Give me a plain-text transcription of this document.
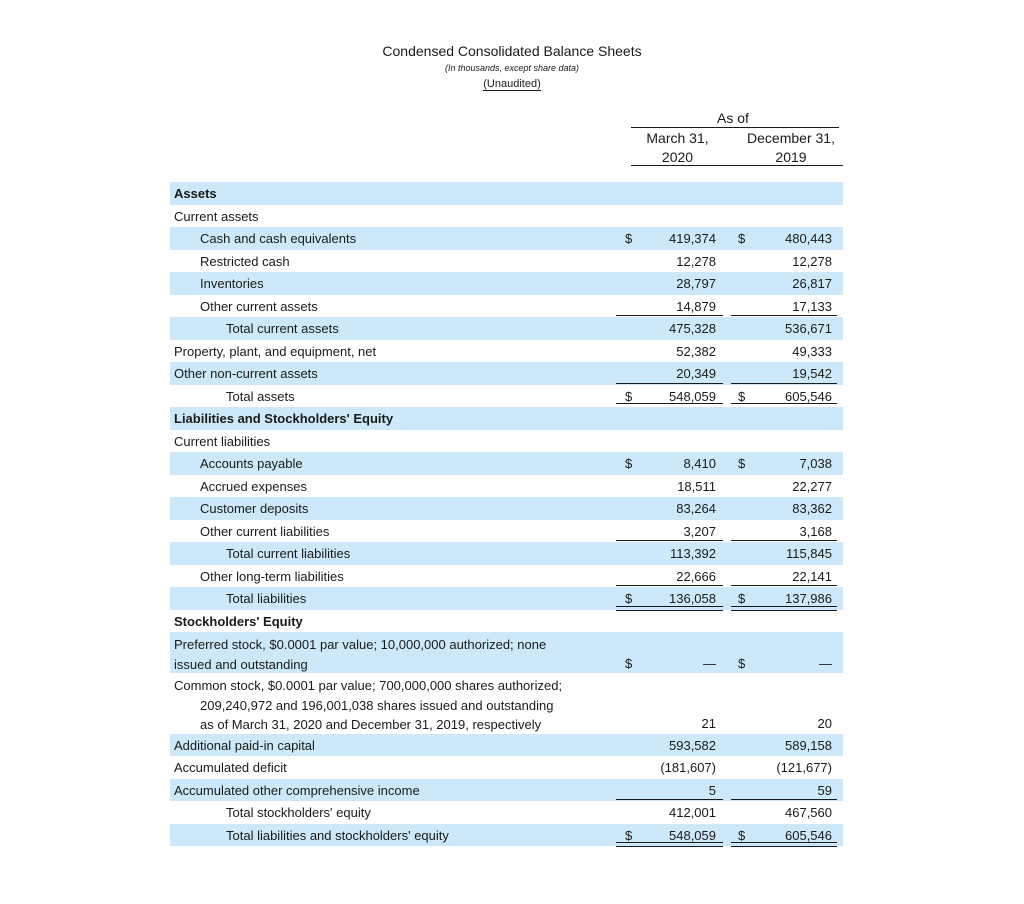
Condensed Consolidated Balance Sheets
(In thousands, except share data)
(Unaudited)
As of
March 31,
2020
December 31,
2019
Assets
Current assets
Cash and cash equivalents	$	419,374 $	480,443
Restricted cash	12,278	12,278
Inventories	28,797	26,817
Other current assets	14,879	17,133
Total current assets	475,328	536,671
Property, plant, and equipment, net	52,382	49,333
Other non-current assets	20,349	19,542
Total assets	$	548,059 $	605,546
Liabilities and Stockholders' Equity
Current liabilities
Accounts payable	$	8,410 $	7,038
Accrued expenses	18,511	22,277
Customer deposits	83,264	83,362
Other current liabilities	3,207	3,168
Total current liabilities	113,392	115,845
Other long-term liabilities	22,666	22,141
Total liabilities	$	136,058 $	137,986
Stockholders' Equity
Preferred stock, $0.0001 par value; 10,000,000 authorized; none
issued and outstanding	$	— $	—
Common stock, $0.0001 par value; 700,000,000 shares authorized;
209,240,972 and 196,001,038 shares issued and outstanding
as of March 31, 2020 and December 31, 2019, respectively	21	20
Additional paid-in capital	593,582	589,158
Accumulated deficit	(181,607)	(121,677)
Accumulated other comprehensive income	5	59
Total stockholders' equity	412,001	467,560
Total liabilities and stockholders' equity	$	548,059 $	605,546
